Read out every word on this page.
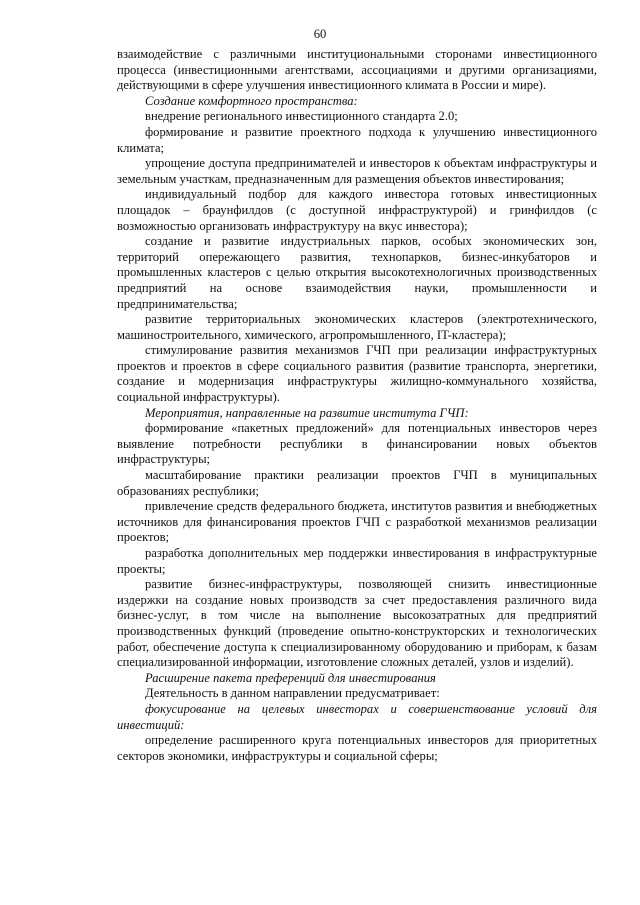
60

взаимодействие с различными институциональными сторонами инвестиционного процесса (инвестиционными агентствами, ассоциациями и другими организациями, действующими в сфере улучшения инвестиционного климата в России и мире).

Создание комфортного пространства:

внедрение регионального инвестиционного стандарта 2.0;

формирование и развитие проектного подхода к улучшению инвестиционного климата;

упрощение доступа предпринимателей и инвесторов к объектам инфраструктуры и земельным участкам, предназначенным для размещения объектов инвестирования;

индивидуальный подбор для каждого инвестора готовых инвестиционных площадок – браунфилдов (с доступной инфраструктурой) и гринфилдов (с возможностью организовать инфраструктуру на вкус инвестора);

создание и развитие индустриальных парков, особых экономических зон, территорий опережающего развития, технопарков, бизнес-инкубаторов и промышленных кластеров с целью открытия высокотехнологичных производственных предприятий на основе взаимодействия науки, промышленности и предпринимательства;

развитие территориальных экономических кластеров (электротехнического, машиностроительного, химического, агропромышленного, IT-кластера);

стимулирование развития механизмов ГЧП при реализации инфраструктурных проектов и проектов в сфере социального развития (развитие транспорта, энергетики, создание и модернизация инфраструктуры жилищно-коммунального хозяйства, социальной инфраструктуры).

Мероприятия, направленные на развитие института ГЧП:

формирование «пакетных предложений» для потенциальных инвесторов через выявление потребности республики в финансировании новых объектов инфраструктуры;

масштабирование практики реализации проектов ГЧП в муниципальных образованиях республики;

привлечение средств федерального бюджета, институтов развития и внебюджетных источников для финансирования проектов ГЧП с разработкой механизмов реализации проектов;

разработка дополнительных мер поддержки инвестирования в инфраструктурные проекты;

развитие бизнес-инфраструктуры, позволяющей снизить инвестиционные издержки на создание новых производств за счет предоставления различного вида бизнес-услуг, в том числе на выполнение высокозатратных для предприятий производственных функций (проведение опытно-конструкторских и технологических работ, обеспечение доступа к специализированному оборудованию и приборам, к базам специализированной информации, изготовление сложных деталей, узлов и изделий).

Расширение пакета преференций для инвестирования

Деятельность в данном направлении предусматривает:

фокусирование на целевых инвесторах и совершенствование условий для инвестиций:

определение расширенного круга потенциальных инвесторов для приоритетных секторов экономики, инфраструктуры и социальной сферы;
